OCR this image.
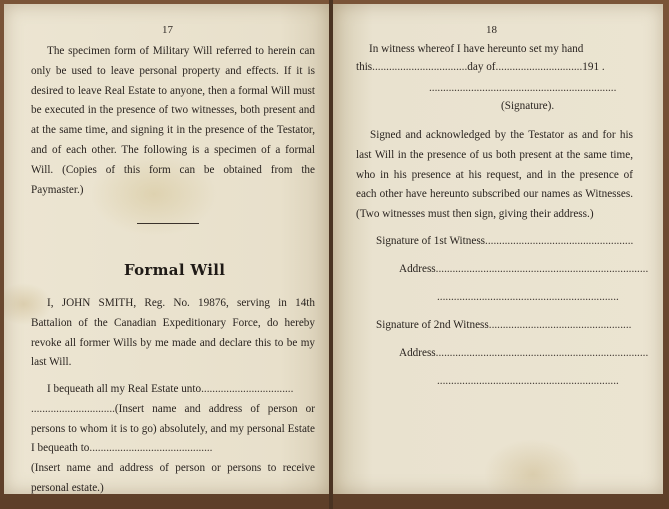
17
The specimen form of Military Will referred to herein can only be used to leave personal property and effects. If it is desired to leave Real Estate to anyone, then a formal Will must be executed in the presence of two witnesses, both present and at the same time, and signing it in the presence of the Testator, and of each other. The following is a specimen of a formal Will. (Copies of this form can be obtained from the Paymaster.)
Formal Will
I, JOHN SMITH, Reg. No. 19876, serving in 14th Battalion of the Canadian Expeditionary Force, do hereby revoke all former Wills by me made and declare this to be my last Will.
I bequeath all my Real Estate unto.................................
..............................(Insert name and address of person or persons to whom it is to go) absolutely, and my personal Estate I bequeath to............................................
(Insert name and address of person or persons to receive personal estate.)
18
In witness whereof I have hereunto set my hand
this..................................day of...............................191 .
...................................................................
(Signature).
Signed and acknowledged by the Testator as and for his last Will in the presence of us both present at the same time, who in his presence at his request, and in the presence of each other have hereunto subscribed our names as Witnesses. (Two witnesses must then sign, giving their address.)
Signature of 1st Witness.....................................................
Address............................................................................
.................................................................
Signature of 2nd Witness...................................................
Address............................................................................
.................................................................
